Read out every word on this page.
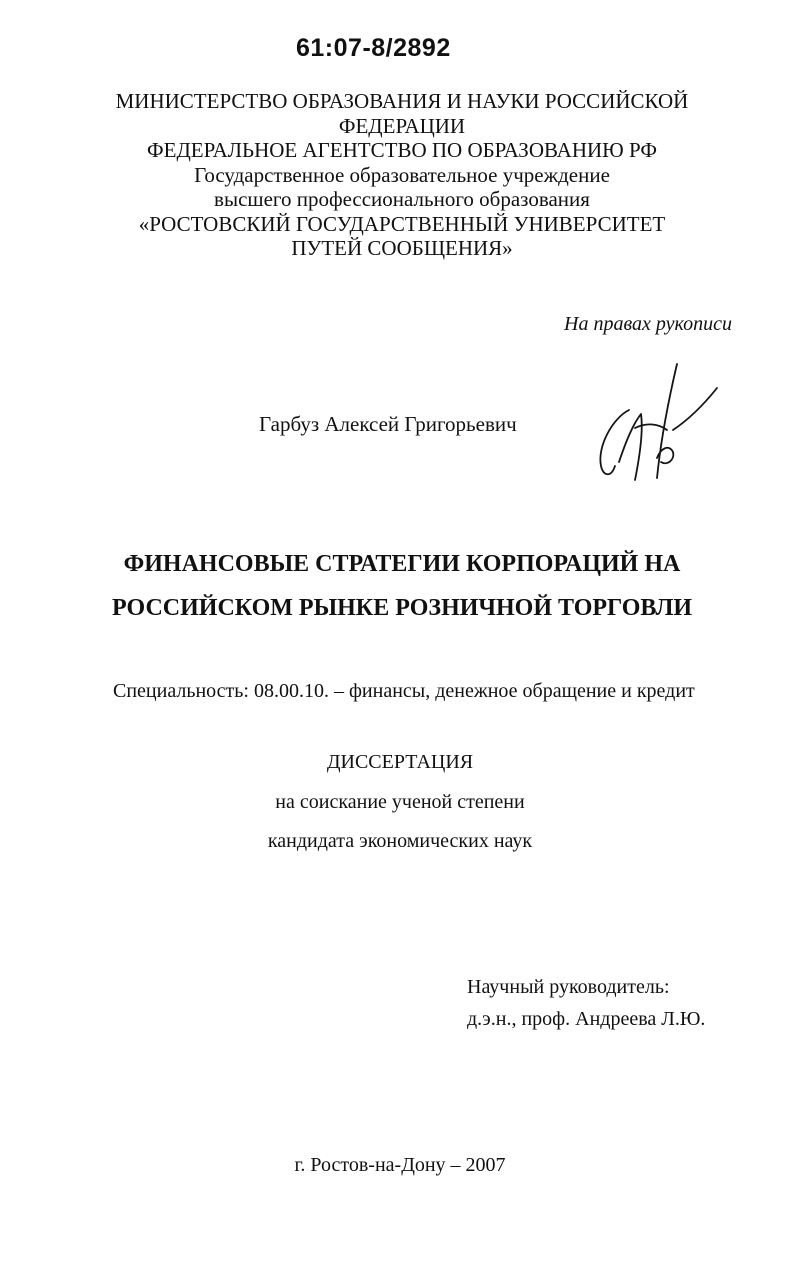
61:07-8/2892
МИНИСТЕРСТВО ОБРАЗОВАНИЯ И НАУКИ РОССИЙСКОЙ
ФЕДЕРАЦИИ
ФЕДЕРАЛЬНОЕ АГЕНТСТВО ПО ОБРАЗОВАНИЮ РФ
Государственное образовательное учреждение
высшего профессионального образования
«РОСТОВСКИЙ ГОСУДАРСТВЕННЫЙ УНИВЕРСИТЕТ
ПУТЕЙ СООБЩЕНИЯ»
На правах рукописи
Гарбуз Алексей Григорьевич
ФИНАНСОВЫЕ СТРАТЕГИИ КОРПОРАЦИЙ НА
РОССИЙСКОМ РЫНКЕ РОЗНИЧНОЙ ТОРГОВЛИ
Специальность: 08.00.10. – финансы, денежное обращение и кредит
ДИССЕРТАЦИЯ
на соискание ученой степени
кандидата экономических наук
Научный руководитель:
д.э.н., проф. Андреева Л.Ю.
г. Ростов-на-Дону – 2007
